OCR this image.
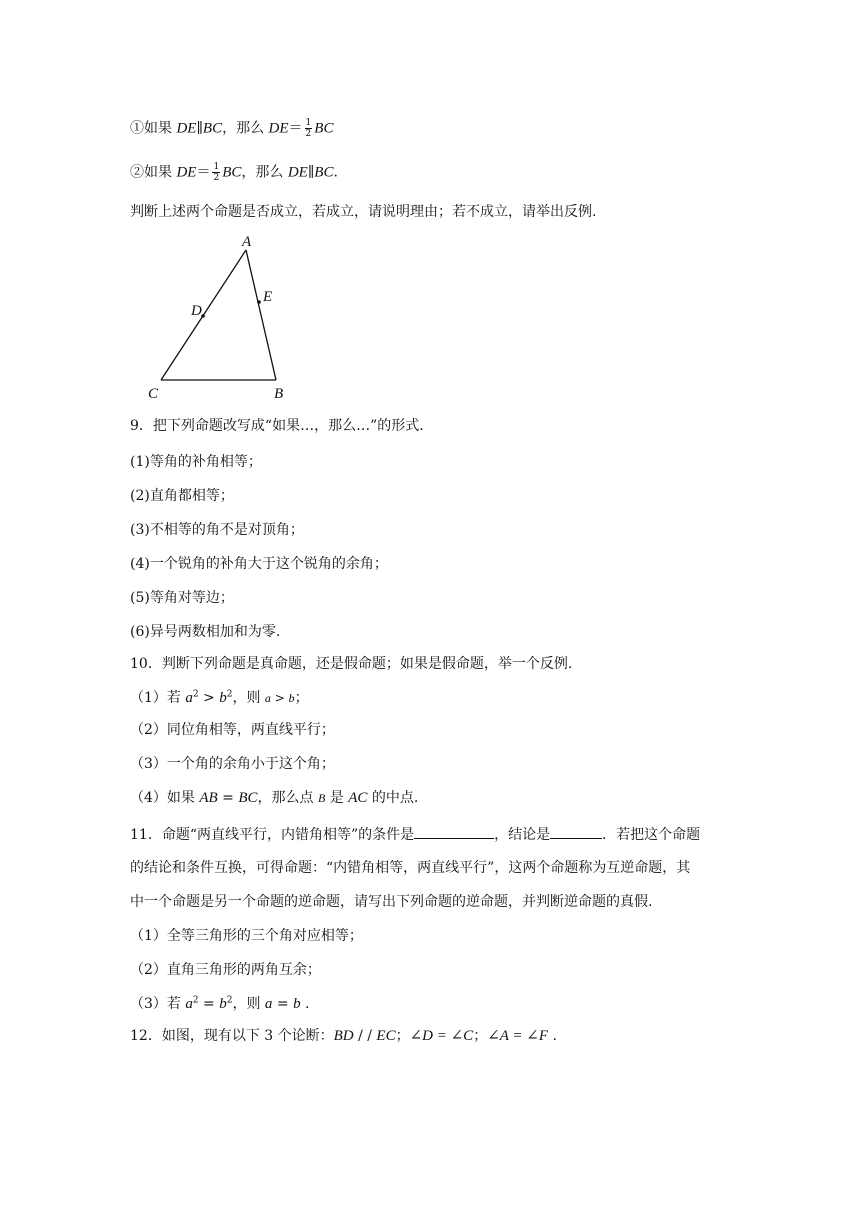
①如果 DE∥BC，那么 $DE= \frac{1}{2}$ BC
②如果 $DE= \frac{1}{2}$ BC，那么 DE∥BC.
判断上述两个命题是否成立，若成立，请说明理由；若不成立，请举出反例.
A
B
C
D
E
9．把下列命题改写成“如果…，那么…”的形式.
(1)等角的补角相等；
(2)直角都相等；
(3)不相等的角不是对顶角；
(4)一个锐角的补角大于这个锐角的余角；
(5)等角对等边；
(6)异号两数相加和为零.
10．判断下列命题是真命题，还是假命题；如果是假命题，举一个反例.
（1）若 $a^2 > b^2$，则 a > b；
（2）同位角相等，两直线平行；
（3）一个角的余角小于这个角；
（4）如果 AB = BC，那么点 B 是 AC 的中点.
11．命题“两直线平行，内错角相等”的条件是	，结论是	．若把这个命题
的结论和条件互换，可得命题：“内错角相等，两直线平行”，这两个命题称为互逆命题，其
中一个命题是另一个命题的逆命题，请写出下列命题的逆命题，并判断逆命题的真假.
（1）全等三角形的三个角对应相等；
（2）直角三角形的两角互余；
（3）若 $a^2 = b^2$，则 a = b .
12．如图，现有以下 3 个论断：BD / / EC；∠D = ∠C；∠A = ∠F .
